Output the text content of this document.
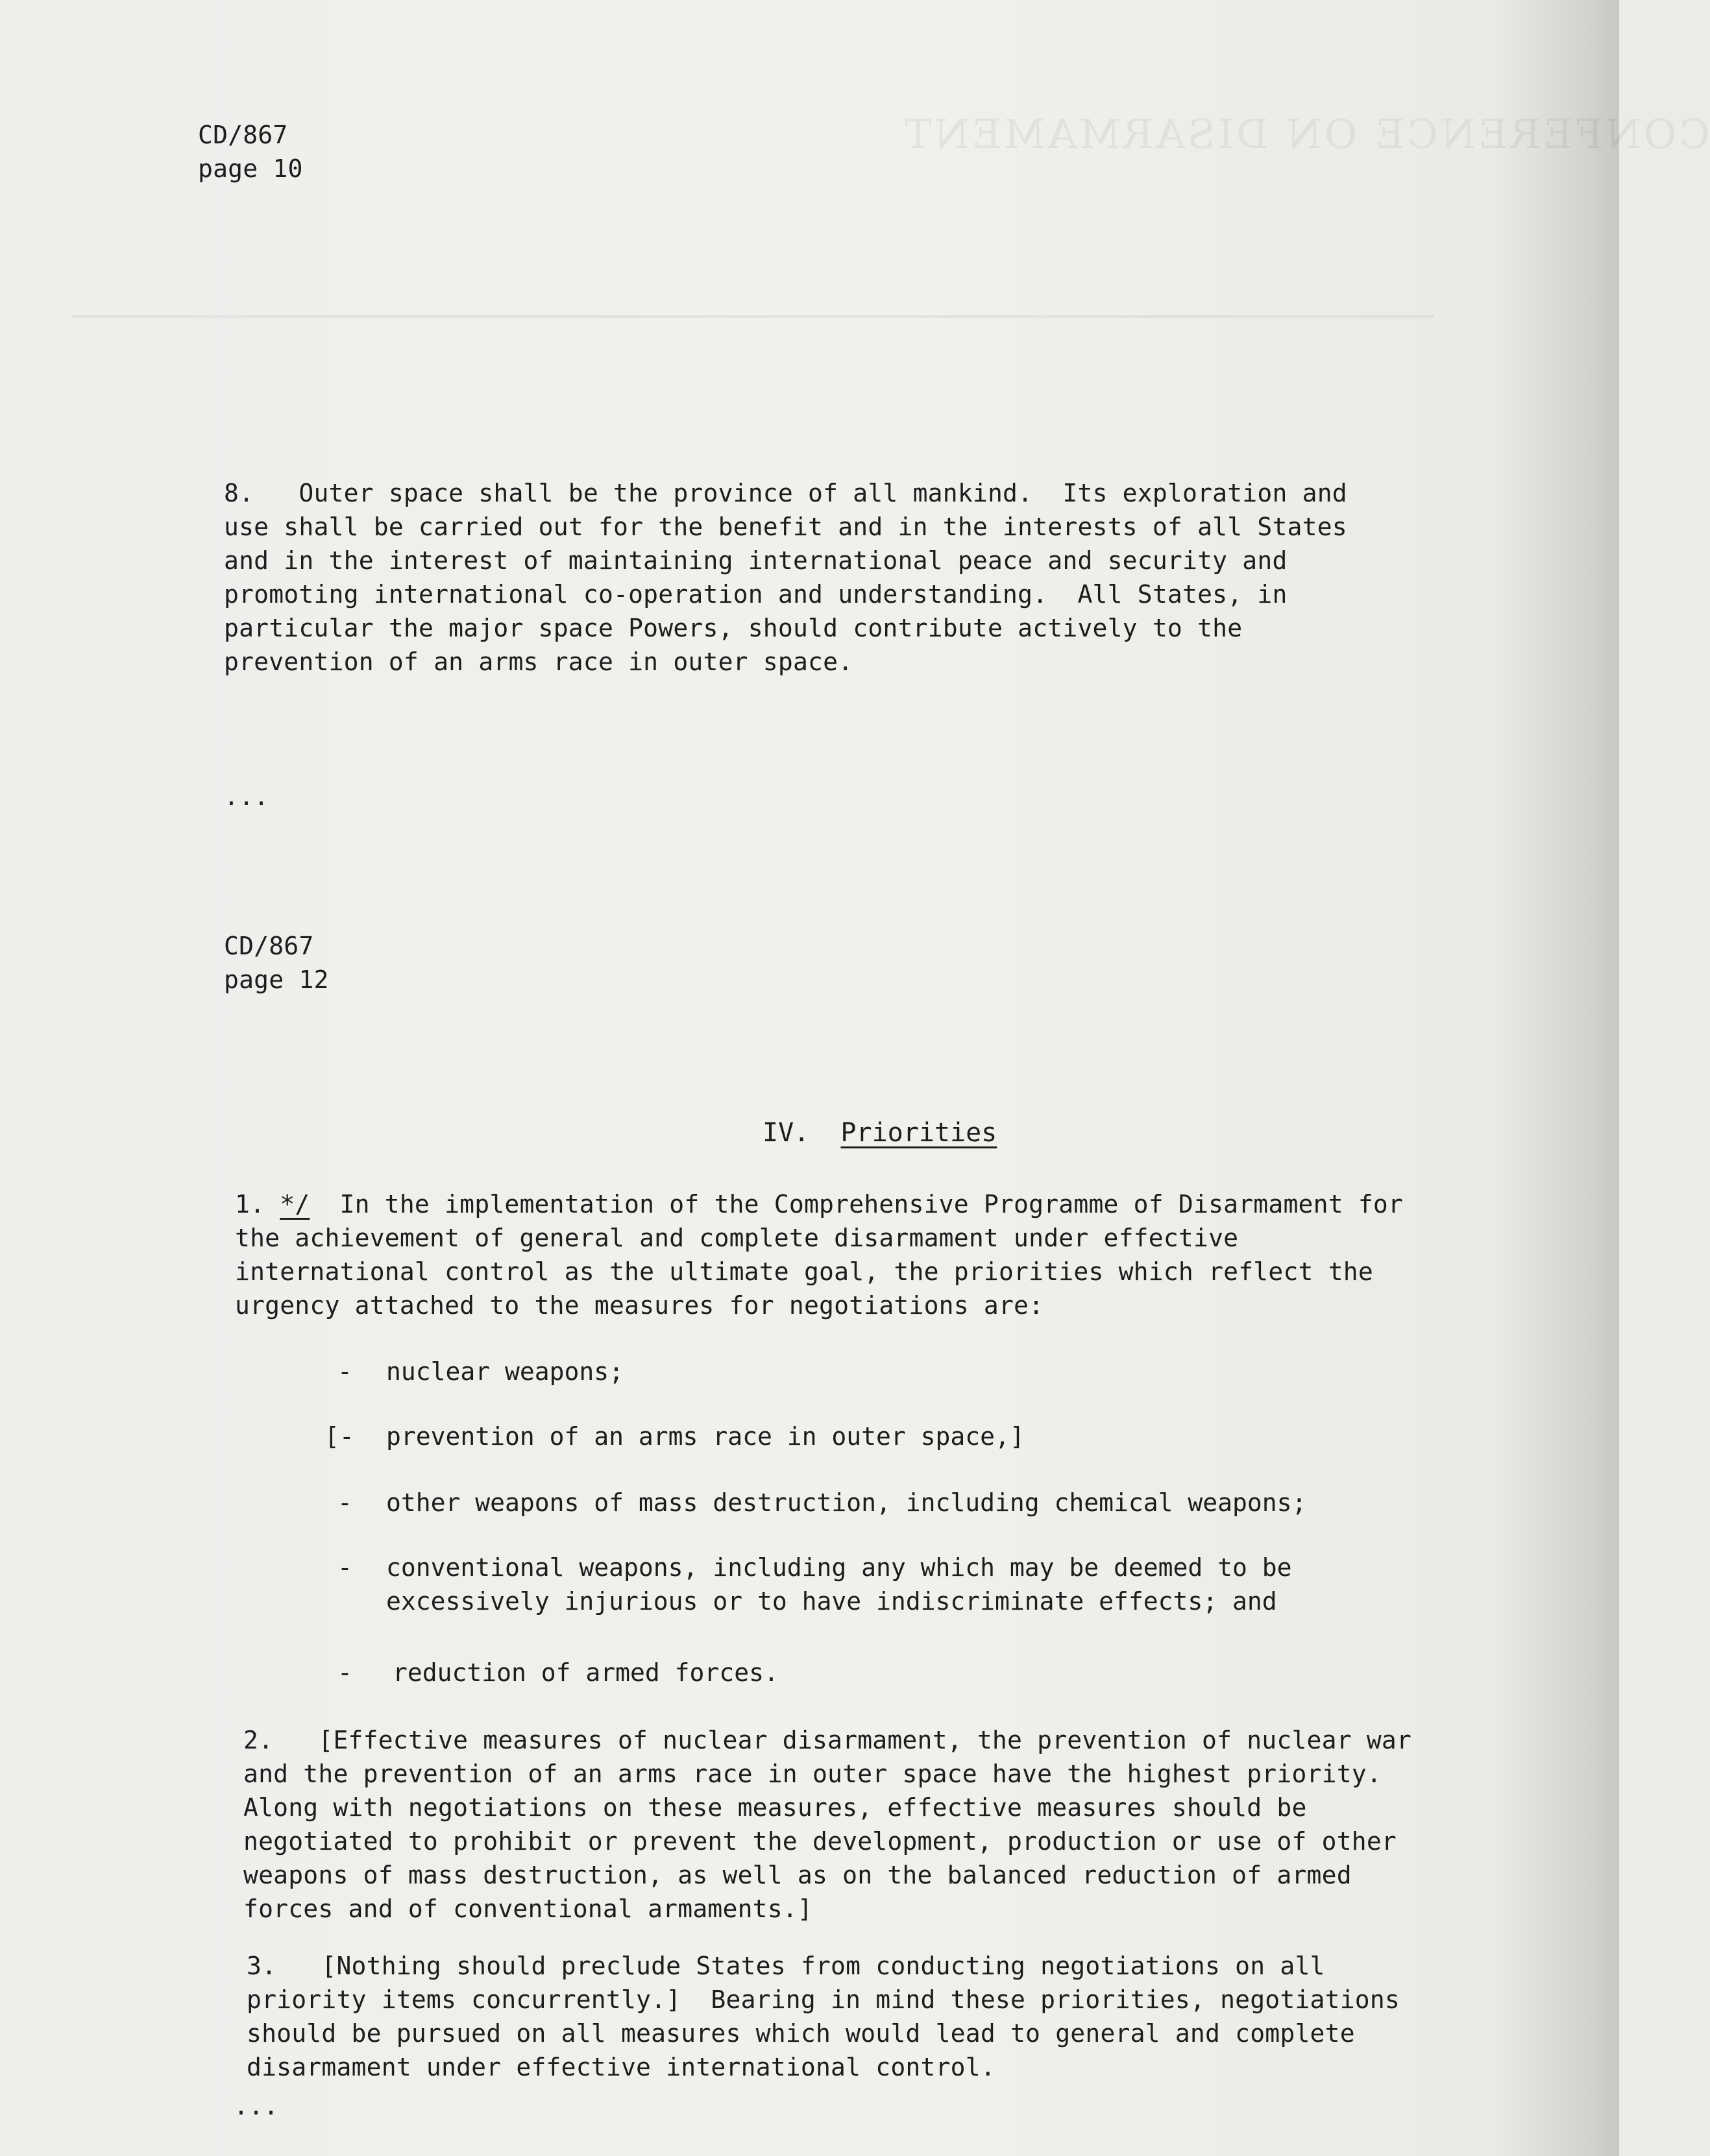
CONFERENCE ON DISARMAMENT
CD/867
page 10
8. Outer space shall be the province of all mankind.  Its exploration and
use shall be carried out for the benefit and in the interests of all States
and in the interest of maintaining international peace and security and
promoting international co-operation and understanding.  All States, in
particular the major space Powers, should contribute actively to the
prevention of an arms race in outer space.
...
CD/867
page 12
IV. Priorities
1. */ In the implementation of the Comprehensive Programme of Disarmament for
the achievement of general and complete disarmament under effective
international control as the ultimate goal, the priorities which reflect the
urgency attached to the measures for negotiations are:

-

nuclear weapons;

[-

prevention of an arms race in outer space,]

-

other weapons of mass destruction, including chemical weapons;

-

conventional weapons, including any which may be deemed to be

excessively injurious or to have indiscriminate effects; and

-

reduction of armed forces.

2. [Effective measures of nuclear disarmament, the prevention of nuclear war
and the prevention of an arms race in outer space have the highest priority.
Along with negotiations on these measures, effective measures should be
negotiated to prohibit or prevent the development, production or use of other
weapons of mass destruction, as well as on the balanced reduction of armed
forces and of conventional armaments.]
3. [Nothing should preclude States from conducting negotiations on all
priority items concurrently.]  Bearing in mind these priorities, negotiations
should be pursued on all measures which would lead to general and complete
disarmament under effective international control.
...
